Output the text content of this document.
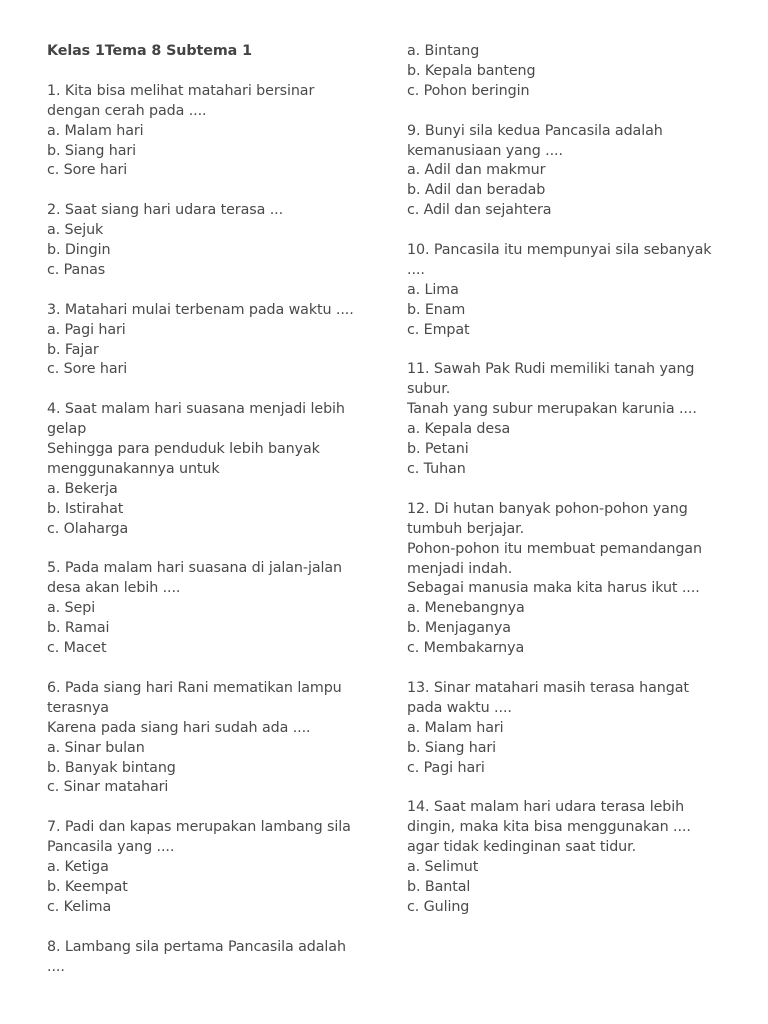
Kelas 1Tema 8 Subtema 1
1. Kita bisa melihat matahari bersinar
dengan cerah pada ....
a. Malam hari
b. Siang hari
c. Sore hari
2. Saat siang hari udara terasa ...
a. Sejuk
b. Dingin
c. Panas
3. Matahari mulai terbenam pada waktu ....
a. Pagi hari
b. Fajar
c. Sore hari
4. Saat malam hari suasana menjadi lebih
gelap
Sehingga para penduduk lebih banyak
menggunakannya untuk
a. Bekerja
b. Istirahat
c. Olaharga
5. Pada malam hari suasana di jalan-jalan
desa akan lebih ....
a. Sepi
b. Ramai
c. Macet
6. Pada siang hari Rani mematikan lampu
terasnya
Karena pada siang hari sudah ada ....
a. Sinar bulan
b. Banyak bintang
c. Sinar matahari
7. Padi dan kapas merupakan lambang sila
Pancasila yang ....
a. Ketiga
b. Keempat
c. Kelima
8. Lambang sila pertama Pancasila adalah
....
a. Bintang
b. Kepala banteng
c. Pohon beringin
9. Bunyi sila kedua Pancasila adalah
kemanusiaan yang ....
a. Adil dan makmur
b. Adil dan beradab
c. Adil dan sejahtera
10. Pancasila itu mempunyai sila sebanyak
....
a. Lima
b. Enam
c. Empat
11. Sawah Pak Rudi memiliki tanah yang
subur.
Tanah yang subur merupakan karunia ....
a. Kepala desa
b. Petani
c. Tuhan
12. Di hutan banyak pohon-pohon yang
tumbuh berjajar.
Pohon-pohon itu membuat pemandangan
menjadi indah.
Sebagai manusia maka kita harus ikut ....
a. Menebangnya
b. Menjaganya
c. Membakarnya
13. Sinar matahari masih terasa hangat
pada waktu ....
a. Malam hari
b. Siang hari
c. Pagi hari
14. Saat malam hari udara terasa lebih
dingin, maka kita bisa menggunakan ....
agar tidak kedinginan saat tidur.
a. Selimut
b. Bantal
c. Guling
